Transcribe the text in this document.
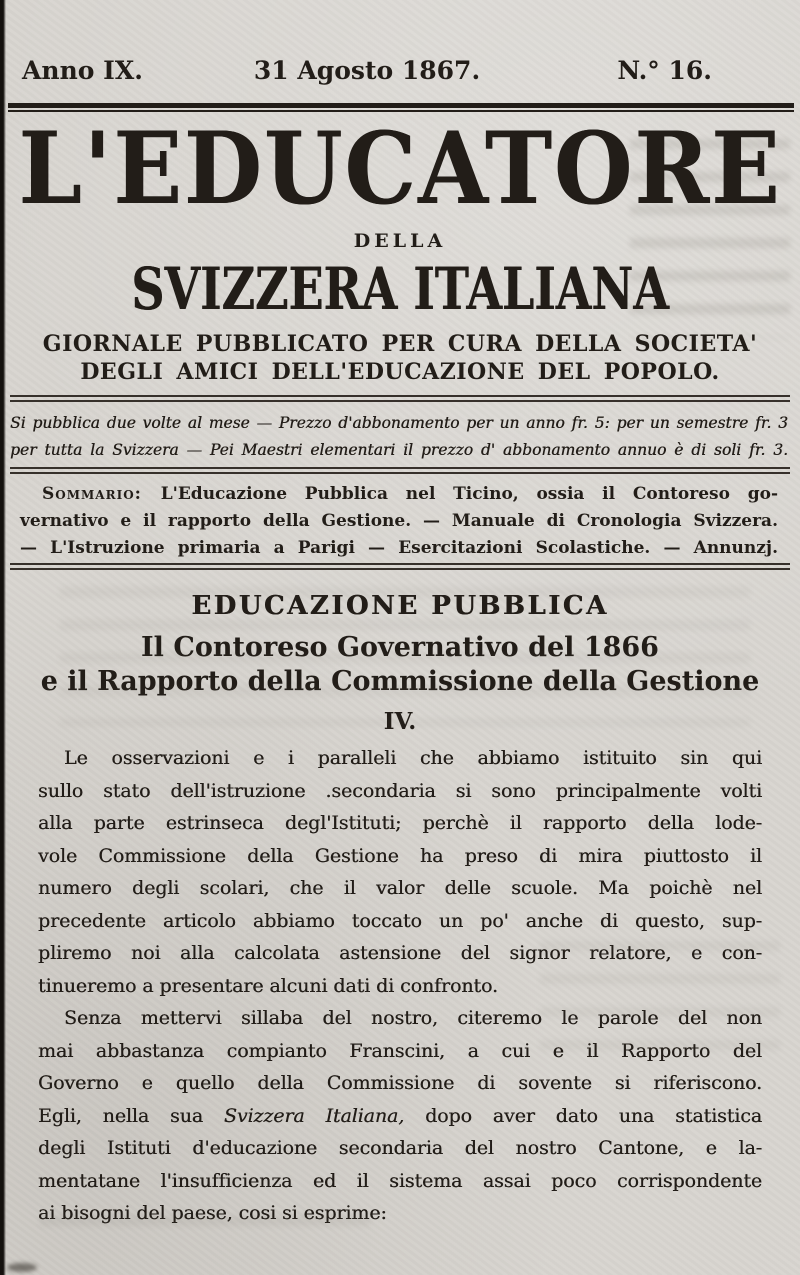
Anno IX.	31 Agosto 1867.	N.° 16.
L'EDUCATORE
DELLA
SVIZZERA ITALIANA
GIORNALE PUBBLICATO PER CURA DELLA SOCIETA'
DEGLI AMICI DELL'EDUCAZIONE DEL POPOLO.
Si pubblica due volte al mese — Prezzo d'abbonamento per un anno fr. 5: per un semestre fr. 3
per tutta la Svizzera — Pei Maestri elementari il prezzo d' abbonamento annuo è di soli fr. 3.
Sommario: L'Educazione Pubblica nel Ticino, ossia il Contoreso go-
vernativo e il rapporto della Gestione. — Manuale di Cronologia Svizzera.
— L'Istruzione primaria a Parigi — Esercitazioni Scolastiche. — Annunzj.
EDUCAZIONE PUBBLICA
Il Contoreso Governativo del 1866
e il Rapporto della Commissione della Gestione
IV.
Le osservazioni e i paralleli che abbiamo istituito sin qui
sullo stato dell'istruzione .secondaria si sono principalmente volti
alla parte estrinseca degl'Istituti; perchè il rapporto della lode-
vole Commissione della Gestione ha preso di mira piuttosto il
numero degli scolari, che il valor delle scuole. Ma poichè nel
precedente articolo abbiamo toccato un po' anche di questo, sup-
pliremo noi alla calcolata astensione del signor relatore, e con-
tinueremo a presentare alcuni dati di confronto.
Senza mettervi sillaba del nostro, citeremo le parole del non
mai abbastanza compianto Franscini, a cui e il Rapporto del
Governo e quello della Commissione di sovente si riferiscono.
Egli, nella sua Svizzera Italiana, dopo aver dato una statistica
degli Istituti d'educazione secondaria del nostro Cantone, e la-
mentatane l'insufficienza ed il sistema assai poco corrispondente
ai bisogni del paese, cosi si esprime:
